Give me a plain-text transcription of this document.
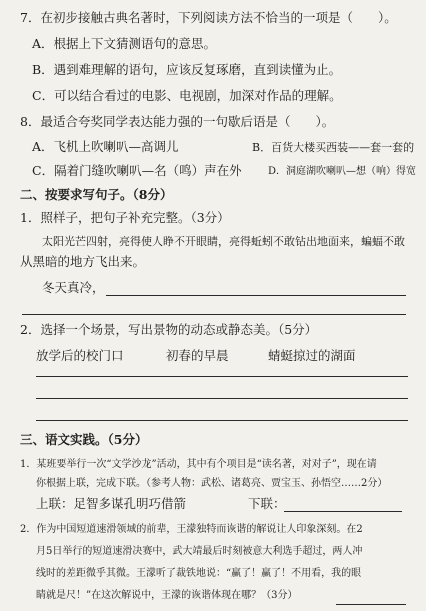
7．在初步接触古典名著时，下列阅读方法不恰当的一项是（　　）。
A．根据上下文猜测语句的意思。
B．遇到难理解的语句，应该反复琢磨，直到读懂为止。
C．可以结合看过的电影、电视剧，加深对作品的理解。
8．最适合夸奖同学表达能力强的一句歇后语是（　　）。
A．飞机上吹喇叭—高调儿	B．百货大楼买西装——套一套的
C．隔着门缝吹喇叭—名（鸣）声在外	D．洞庭湖吹喇叭—想（响）得宽
二、按要求写句子。（8分）
1．照样子，把句子补充完整。（3分）
太阳光芒四射，亮得使人睁不开眼睛，亮得蚯蚓不敢钻出地面来，蝙蝠不敢
从黑暗的地方飞出来。
冬天真冷，
2．选择一个场景，写出景物的动态或静态美。（5分）
放学后的校门口	初春的早晨	蜻蜓掠过的湖面
三、语文实践。（5分）
1．某班要举行一次“文学沙龙”活动，其中有个项目是“读名著，对对子”，现在请
你根据上联，完成下联。（参考人物：武松、诸葛亮、贾宝玉、孙悟空……2分）
上联：足智多谋孔明巧借箭	下联：
2．作为中国短道速滑领域的前辈，王濛独特而诙谐的解说让人印象深刻。在2
月5日举行的短道速滑决赛中，武大靖最后时刻被意大利选手超过，两人冲
线时的差距微乎其微。王濛听了裁铁地说：“赢了！赢了！不用看，我的眼
睛就是尺！”在这次解说中，王濛的诙谐体现在哪？（3分）
